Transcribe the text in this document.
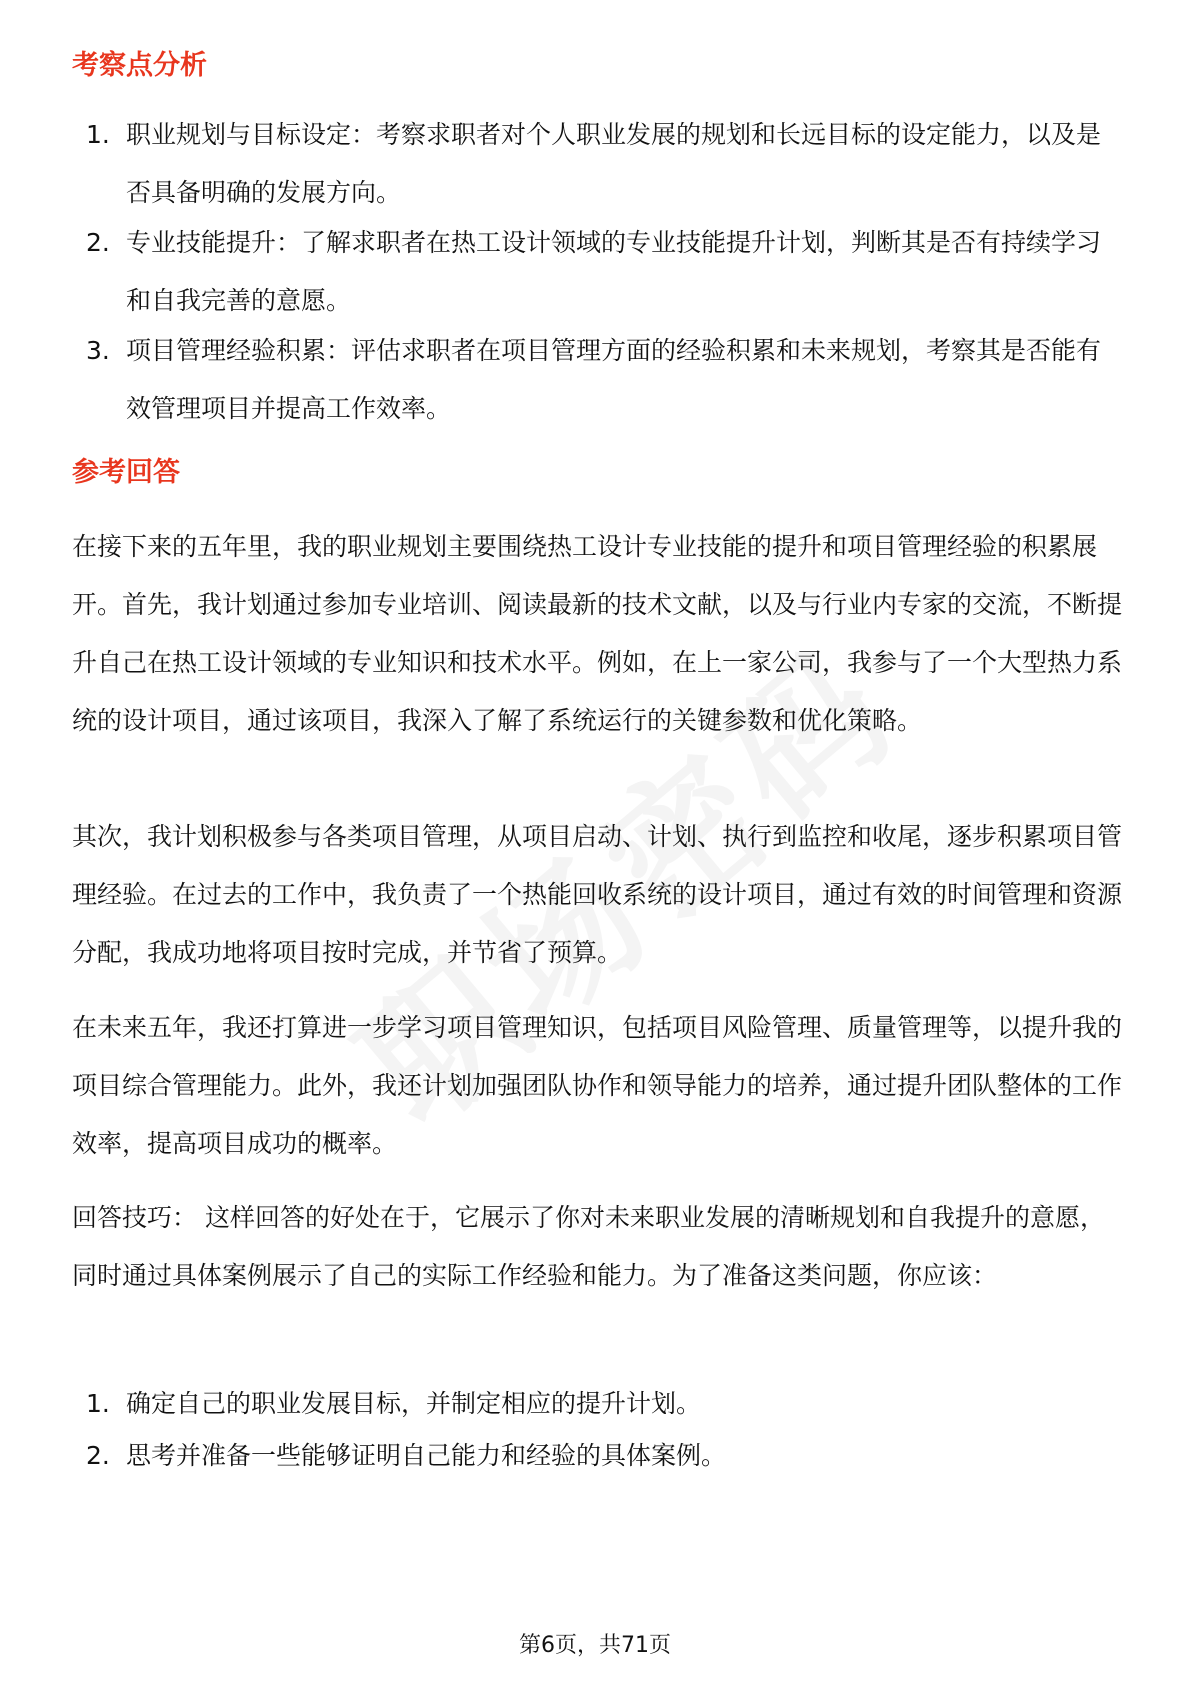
考察点分析
1. 职业规划与目标设定：考察求职者对个人职业发展的规划和长远目标的设定能力，以及是否具备明确的发展方向。
2. 专业技能提升：了解求职者在热工设计领域的专业技能提升计划，判断其是否有持续学习和自我完善的意愿。
3. 项目管理经验积累：评估求职者在项目管理方面的经验积累和未来规划，考察其是否能有效管理项目并提高工作效率。
参考回答
在接下来的五年里，我的职业规划主要围绕热工设计专业技能的提升和项目管理经验的积累展开。首先，我计划通过参加专业培训、阅读最新的技术文献，以及与行业内专家的交流，不断提升自己在热工设计领域的专业知识和技术水平。例如，在上一家公司，我参与了一个大型热力系统的设计项目，通过该项目，我深入了解了系统运行的关键参数和优化策略。
其次，我计划积极参与各类项目管理，从项目启动、计划、执行到监控和收尾，逐步积累项目管理经验。在过去的工作中，我负责了一个热能回收系统的设计项目，通过有效的时间管理和资源分配，我成功地将项目按时完成，并节省了预算。
在未来五年，我还打算进一步学习项目管理知识，包括项目风险管理、质量管理等，以提升我的项目综合管理能力。此外，我还计划加强团队协作和领导能力的培养，通过提升团队整体的工作效率，提高项目成功的概率。
回答技巧： 这样回答的好处在于，它展示了你对未来职业发展的清晰规划和自我提升的意愿，同时通过具体案例展示了自己的实际工作经验和能力。为了准备这类问题，你应该：
1. 确定自己的职业发展目标，并制定相应的提升计划。
2. 思考并准备一些能够证明自己能力和经验的具体案例。
第6页，共71页
